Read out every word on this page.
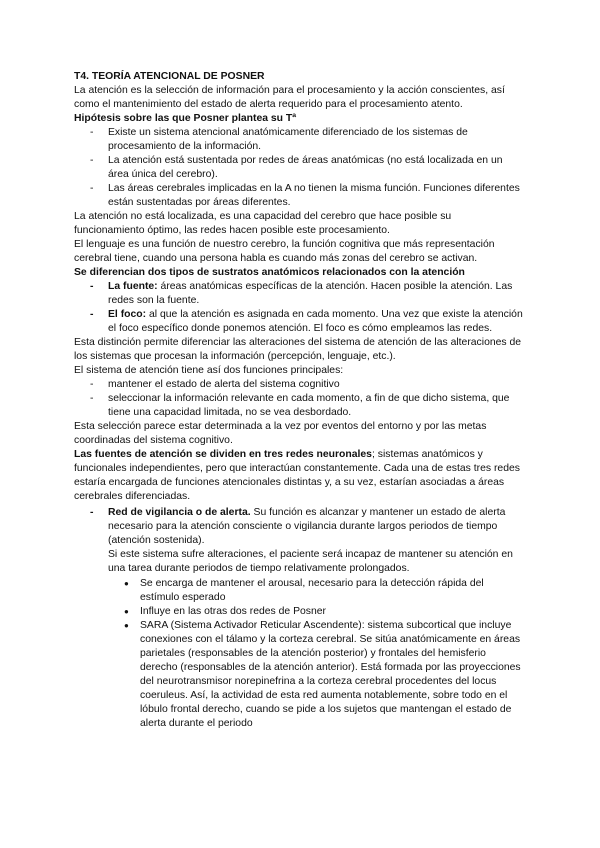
T4. TEORÍA ATENCIONAL DE POSNER

La atención es la selección de información para el procesamiento y la acción conscientes, así como el mantenimiento del estado de alerta requerido para el procesamiento atento.

Hipótesis sobre las que Posner plantea su Tª

- Existe un sistema atencional anatómicamente diferenciado de los sistemas de procesamiento de la información.
- La atención está sustentada por redes de áreas anatómicas (no está localizada en un área única del cerebro).
- Las áreas cerebrales implicadas en la A no tienen la misma función. Funciones diferentes están sustentadas por áreas diferentes.

La atención no está localizada, es una capacidad del cerebro que hace posible su funcionamiento óptimo, las redes hacen posible este procesamiento.

El lenguaje es una función de nuestro cerebro, la función cognitiva que más representación cerebral tiene, cuando una persona habla es cuando más zonas del cerebro se activan.

Se diferencian dos tipos de sustratos anatómicos relacionados con la atención

- La fuente: áreas anatómicas específicas de la atención. Hacen posible la atención. Las redes son la fuente.
- El foco: al que la atención es asignada en cada momento. Una vez que existe la atención el foco específico donde ponemos atención. El foco es cómo empleamos las redes.

Esta distinción permite diferenciar las alteraciones del sistema de atención de las alteraciones de los sistemas que procesan la información (percepción, lenguaje, etc.).

El sistema de atención tiene así dos funciones principales:

- mantener el estado de alerta del sistema cognitivo
- seleccionar la información relevante en cada momento, a fin de que dicho sistema, que tiene una capacidad limitada, no se vea desbordado.

Esta selección parece estar determinada a la vez por eventos del entorno y por las metas coordinadas del sistema cognitivo.

Las fuentes de atención se dividen en tres redes neuronales; sistemas anatómicos y funcionales independientes, pero que interactúan constantemente. Cada una de estas tres redes estaría encargada de funciones atencionales distintas y, a su vez, estarían asociadas a áreas cerebrales diferenciadas.

- Red de vigilancia o de alerta. Su función es alcanzar y mantener un estado de alerta necesario para la atención consciente o vigilancia durante largos periodos de tiempo (atención sostenida).

Si este sistema sufre alteraciones, el paciente será incapaz de mantener su atención en una tarea durante periodos de tiempo relativamente prolongados.

● Se encarga de mantener el arousal, necesario para la detección rápida del estímulo esperado
● Influye en las otras dos redes de Posner
● SARA (Sistema Activador Reticular Ascendente): sistema subcortical que incluye conexiones con el tálamo y la corteza cerebral. Se sitúa anatómicamente en áreas parietales (responsables de la atención posterior) y frontales del hemisferio derecho (responsables de la atención anterior). Está formada por las proyecciones del neurotransmisor norepinefrina a la corteza cerebral procedentes del locus coeruleus. Así, la actividad de esta red aumenta notablemente, sobre todo en el lóbulo frontal derecho, cuando se pide a los sujetos que mantengan el estado de alerta durante el periodo
